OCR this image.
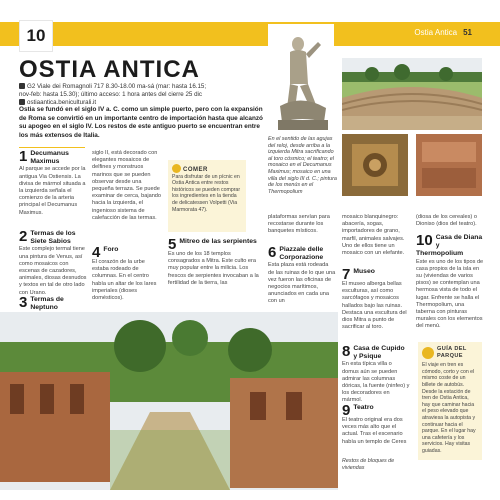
10	Ostia Antica 51
OSTIA ANTICA
G2 Viale dei Romagnoli 717 8.30-18.00 ma-sá (mar: hasta 16.15;
nov-feb: hasta 15.30); último acceso: 1 hora antes del cierre 25 dic
ostiaantica.beniculturali.it
Ostia se fundó en el siglo IV a. C. como un simple puerto, pero con la expansión de Roma se convirtió en un importante centro de importación hasta que alcanzó su apogeo en el siglo IV. Los restos de este antiguo puerto se encuentran entre los más extensos de Italia.
1 Decumanus Maximus
Al parque se accede por la antigua Via Ostiensis. La divisa de mármol situada a la izquierda señala el comienzo de la arteria principal el Decumanus Maximus.
2 Termas de los Siete Sabios
Este complejo termal tiene una pintura de Venus, así como mosaicos con escenas de cazadores, animales, diosas desnudos y textos en tal de otro lado con Urano.
3 Termas de Neptuno
siglo II, está decorado con elegantes mosaicos de delfines y monstruos marinos que se pueden observar desde una pequeña terraza. Se puede examinar de cerca, bajando hacia la izquierda, el ingenioso sistema de calefacción de las termas.
4 Foro
El corazón de la urbe estaba rodeado de columnas. En el centro había un altar de los lares imperiales (dioses domésticos).
COMER
Para disfrutar de un pícnic en Ostia Antica entre restos históricos se pueden comprar los ingredientes en la tienda de delicatessen Volpetti (Via Marmorata 47).
5 Mitreo de las serpientes
Es uno de los 18 templos consagrados a Mitra. Este culto era muy popular entre la milicia. Los frescos de serpientes invocaban a la fertilidad de la tierra, las
plataformas servían para recostarse durante los banquetes místicos.
6 Piazzale delle Corporazione
Esta plaza está rodeada de las ruinas de lo que una vez fueron las oficinas de negocios marítimos, anunciados en cada una con un
mosaico blanquinegro: abacería, sogas, importadores de grano, marfil, animales salvajes. Uno de ellos tiene un mosaico con un elefante.
7 Museo
El museo alberga bellas esculturas, así como sarcófagos y mosaicos hallados bajo las ruinas. Destaca una escultura del dios Mitra a punto de sacrificar al toro.
8 Casa de Cupido y Psique
En esta típica villa o domus aún se pueden admirar las columnas dóricas, la fuente (ninfeo) y los decoradores en mármol.
9 Teatro
El teatro original era dos veces más alto que el actual. Tras el escenario había un templo de Ceres
(diosa de los cereales) o Dioniso (dios del teatro).
10 Casa de Diana y Thermopolium
Este es uno de los tipos de casa propios de la isla en su (viviendas de varios pisos) se contemplan una hermosa vista de todo el lugar. Enfrente se halla el Thermopolium, una taberna con pinturas murales con los elementos del menú.
GUÍA DEL PARQUE
El viaje en tren es cómodo, corto y con el mismo coste de un billete de autobús. Desde la estación de tren de Ostia Antica, hay que caminar hacia el peso elevado que atraviesa la autopista y continuar hacia el parque. En el lugar hay una cafetería y los servicios. Hay visitas guiadas.
En el sentido de las agujas del reloj, desde arriba a la izquierda Mitra sacrificando al toro cósmico; el teatro; el mosaico en el Decumanus Maximus; mosaico en una villa del siglo III d. C.; pintura de los menús en el Thermopolium
Restos de bloques de viviendas
